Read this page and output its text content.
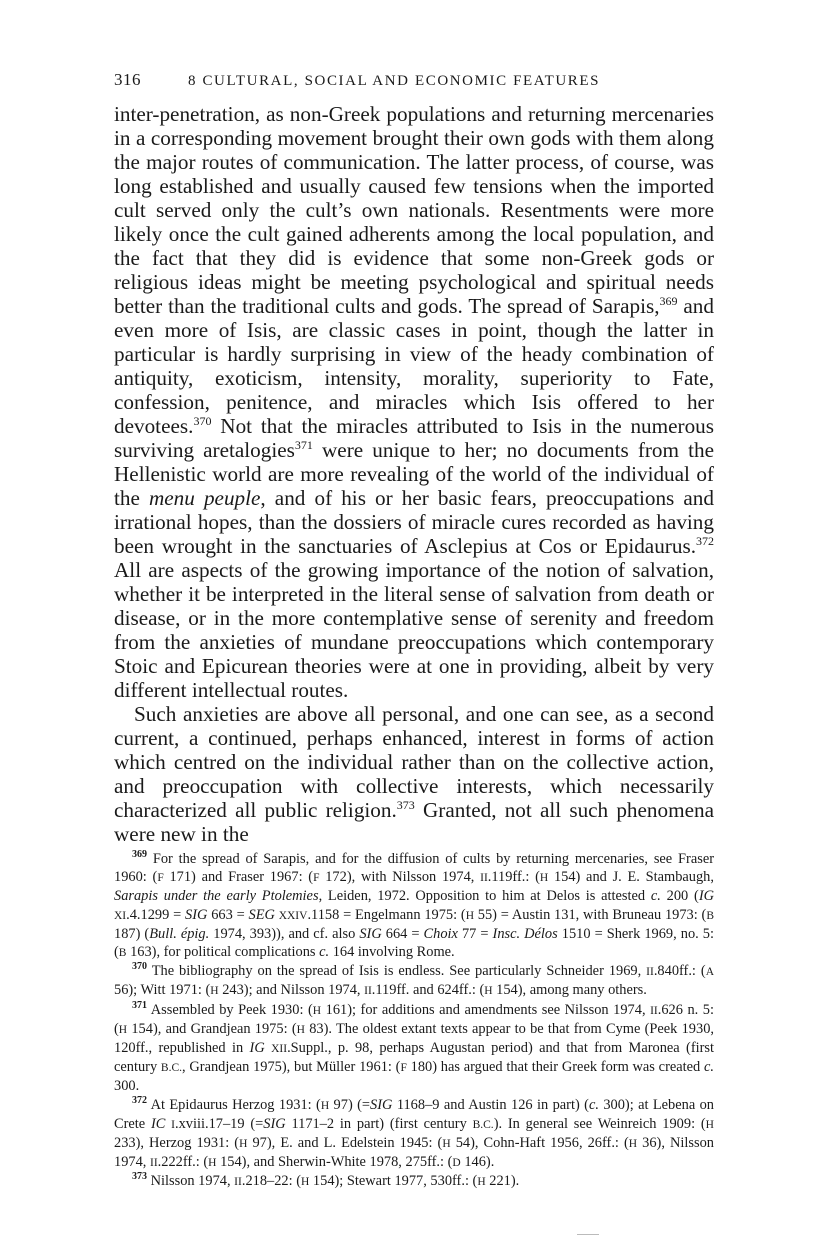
316	8 CULTURAL, SOCIAL AND ECONOMIC FEATURES

inter-penetration, as non-Greek populations and returning mercenaries in a corresponding movement brought their own gods with them along the major routes of communication. The latter process, of course, was long established and usually caused few tensions when the imported cult served only the cult’s own nationals. Resentments were more likely once the cult gained adherents among the local population, and the fact that they did is evidence that some non-Greek gods or religious ideas might be meeting psychological and spiritual needs better than the traditional cults and gods. The spread of Sarapis,$^{369}$ and even more of Isis, are classic cases in point, though the latter in particular is hardly surprising in view of the heady combination of antiquity, exoticism, intensity, morality, superiority to Fate, confession, penitence, and miracles which Isis offered to her devotees.$^{370}$ Not that the miracles attributed to Isis in the numerous surviving aretalogies$^{371}$ were unique to her; no documents from the Hellenistic world are more revealing of the world of the individual of the menu peuple, and of his or her basic fears, preoccupations and irrational hopes, than the dossiers of miracle cures recorded as having been wrought in the sanctuaries of Asclepius at Cos or Epidaurus.$^{372}$ All are aspects of the growing importance of the notion of salvation, whether it be interpreted in the literal sense of salvation from death or disease, or in the more contemplative sense of serenity and freedom from the anxieties of mundane preoccupations which contemporary Stoic and Epicurean theories were at one in providing, albeit by very different intellectual routes.

Such anxieties are above all personal, and one can see, as a second current, a continued, perhaps enhanced, interest in forms of action which centred on the individual rather than on the collective action, and preoccupation with collective interests, which necessarily characterized all public religion.$^{373}$ Granted, not all such phenomena were new in the

$^{369}$ For the spread of Sarapis, and for the diffusion of cults by returning mercenaries, see Fraser 1960: (F 171) and Fraser 1967: (F 172), with Nilsson 1974, II.119ff.: (H 154) and J. E. Stambaugh, Sarapis under the early Ptolemies, Leiden, 1972. Opposition to him at Delos is attested c. 200 (IG XI.4.1299 = SIG 663 = SEG XXIV.1158 = Engelmann 1975: (H 55) = Austin 131, with Bruneau 1973: (B 187) (Bull. épig. 1974, 393)), and cf. also SIG 664 = Choix 77 = Insc. Délos 1510 = Sherk 1969, no. 5: (B 163), for political complications c. 164 involving Rome.

$^{370}$ The bibliography on the spread of Isis is endless. See particularly Schneider 1969, II.840ff.: (A 56); Witt 1971: (H 243); and Nilsson 1974, II.119ff. and 624ff.: (H 154), among many others.

$^{371}$ Assembled by Peek 1930: (H 161); for additions and amendments see Nilsson 1974, II.626 n. 5: (H 154), and Grandjean 1975: (H 83). The oldest extant texts appear to be that from Cyme (Peek 1930, 120ff., republished in IG XII.Suppl., p. 98, perhaps Augustan period) and that from Maronea (first century B.C., Grandjean 1975), but Müller 1961: (F 180) has argued that their Greek form was created c. 300.

$^{372}$ At Epidaurus Herzog 1931: (H 97) (=SIG 1168–9 and Austin 126 in part) (c. 300); at Lebena on Crete IC I.xviii.17–19 (=SIG 1171–2 in part) (first century B.C.). In general see Weinreich 1909: (H 233), Herzog 1931: (H 97), E. and L. Edelstein 1945: (H 54), Cohn-Haft 1956, 26ff.: (H 36), Nilsson 1974, II.222ff.: (H 154), and Sherwin-White 1978, 275ff.: (D 146).

$^{373}$ Nilsson 1974, II.218–22: (H 154); Stewart 1977, 530ff.: (H 221).
